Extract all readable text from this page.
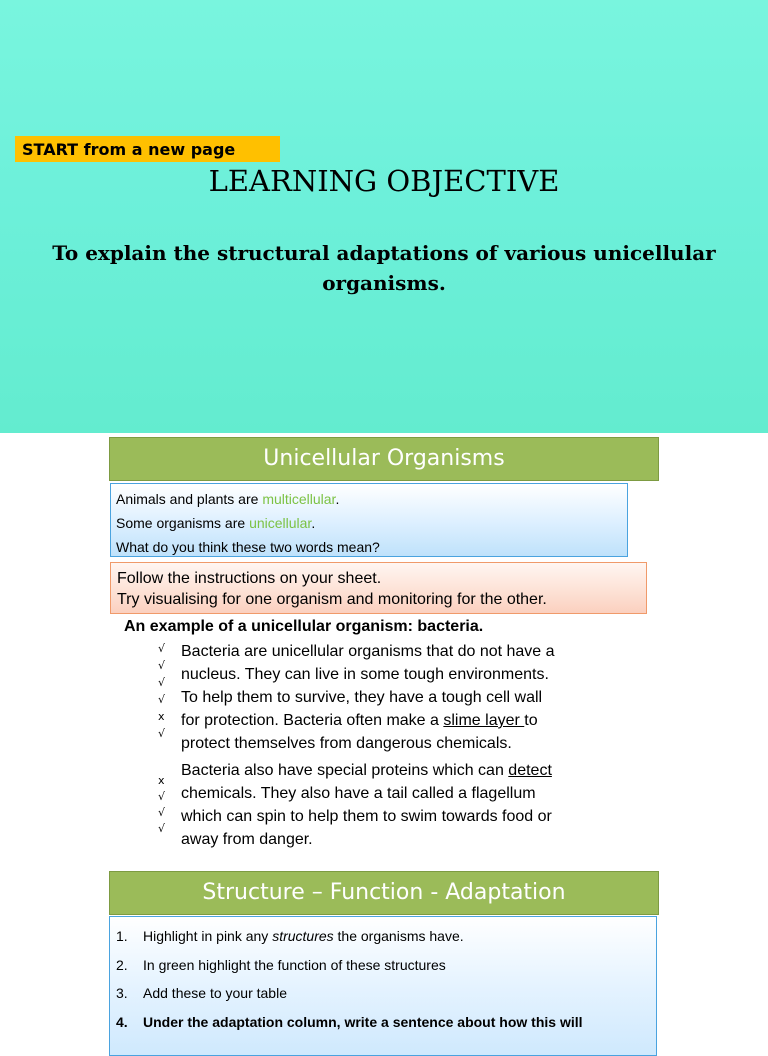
START from a new page
LEARNING OBJECTIVE
To explain the structural adaptations of various unicellular organisms.
Unicellular Organisms
Animals and plants are multicellular.
Some organisms are unicellular.
What do you think these two words mean?
Follow the instructions on your sheet.
Try visualising for one organism and monitoring for the other.
An example of a unicellular organism: bacteria.
√
√
√
√
x
√
Bacteria are unicellular organisms that do not have a
nucleus. They can live in some tough environments.
To help them to survive, they have a tough cell wall
for protection. Bacteria often make a slime layer to
protect themselves from dangerous chemicals.
x
√
√
√
Bacteria also have special proteins which can detect
chemicals. They also have a tail called a flagellum
which can spin to help them to swim towards food or
away from danger.
Structure – Function - Adaptation
1. Highlight in pink any structures the organisms have.
2. In green highlight the function of these structures
3. Add these to your table
4. Under the adaptation column, write a sentence about how this will
